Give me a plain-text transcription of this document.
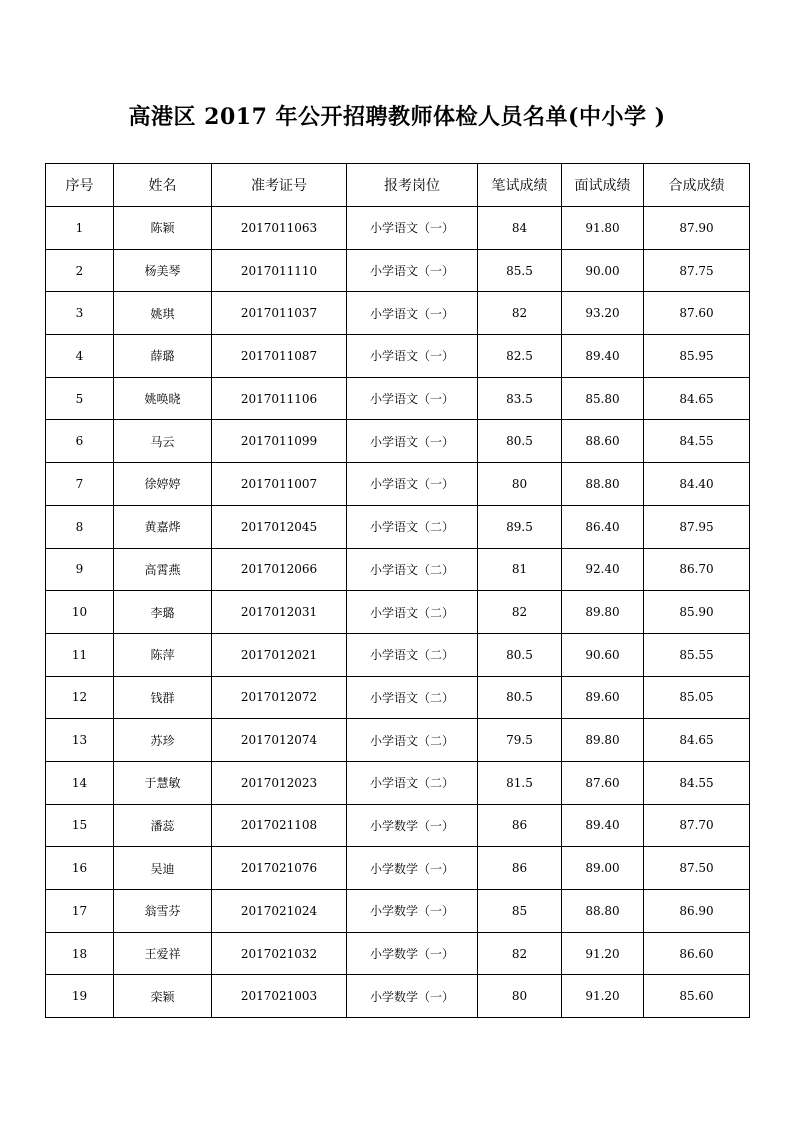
高港区 2017 年公开招聘教师体检人员名单(中小学 )
序号	姓名	准考证号	报考岗位	笔试成绩	面试成绩	合成成绩
1	陈颖	2017011063	小学语文（一）	84	91.80	87.90
2	杨美琴	2017011110	小学语文（一）	85.5	90.00	87.75
3	姚琪	2017011037	小学语文（一）	82	93.20	87.60
4	薛璐	2017011087	小学语文（一）	82.5	89.40	85.95
5	姚唤晓	2017011106	小学语文（一）	83.5	85.80	84.65
6	马云	2017011099	小学语文（一）	80.5	88.60	84.55
7	徐婷婷	2017011007	小学语文（一）	80	88.80	84.40
8	黄嘉烨	2017012045	小学语文（二）	89.5	86.40	87.95
9	高霄燕	2017012066	小学语文（二）	81	92.40	86.70
10	李璐	2017012031	小学语文（二）	82	89.80	85.90
11	陈萍	2017012021	小学语文（二）	80.5	90.60	85.55
12	钱群	2017012072	小学语文（二）	80.5	89.60	85.05
13	苏珍	2017012074	小学语文（二）	79.5	89.80	84.65
14	于慧敏	2017012023	小学语文（二）	81.5	87.60	84.55
15	潘蕊	2017021108	小学数学（一）	86	89.40	87.70
16	吴迪	2017021076	小学数学（一）	86	89.00	87.50
17	翁雪芬	2017021024	小学数学（一）	85	88.80	86.90
18	王爱祥	2017021032	小学数学（一）	82	91.20	86.60
19	栾颖	2017021003	小学数学（一）	80	91.20	85.60
